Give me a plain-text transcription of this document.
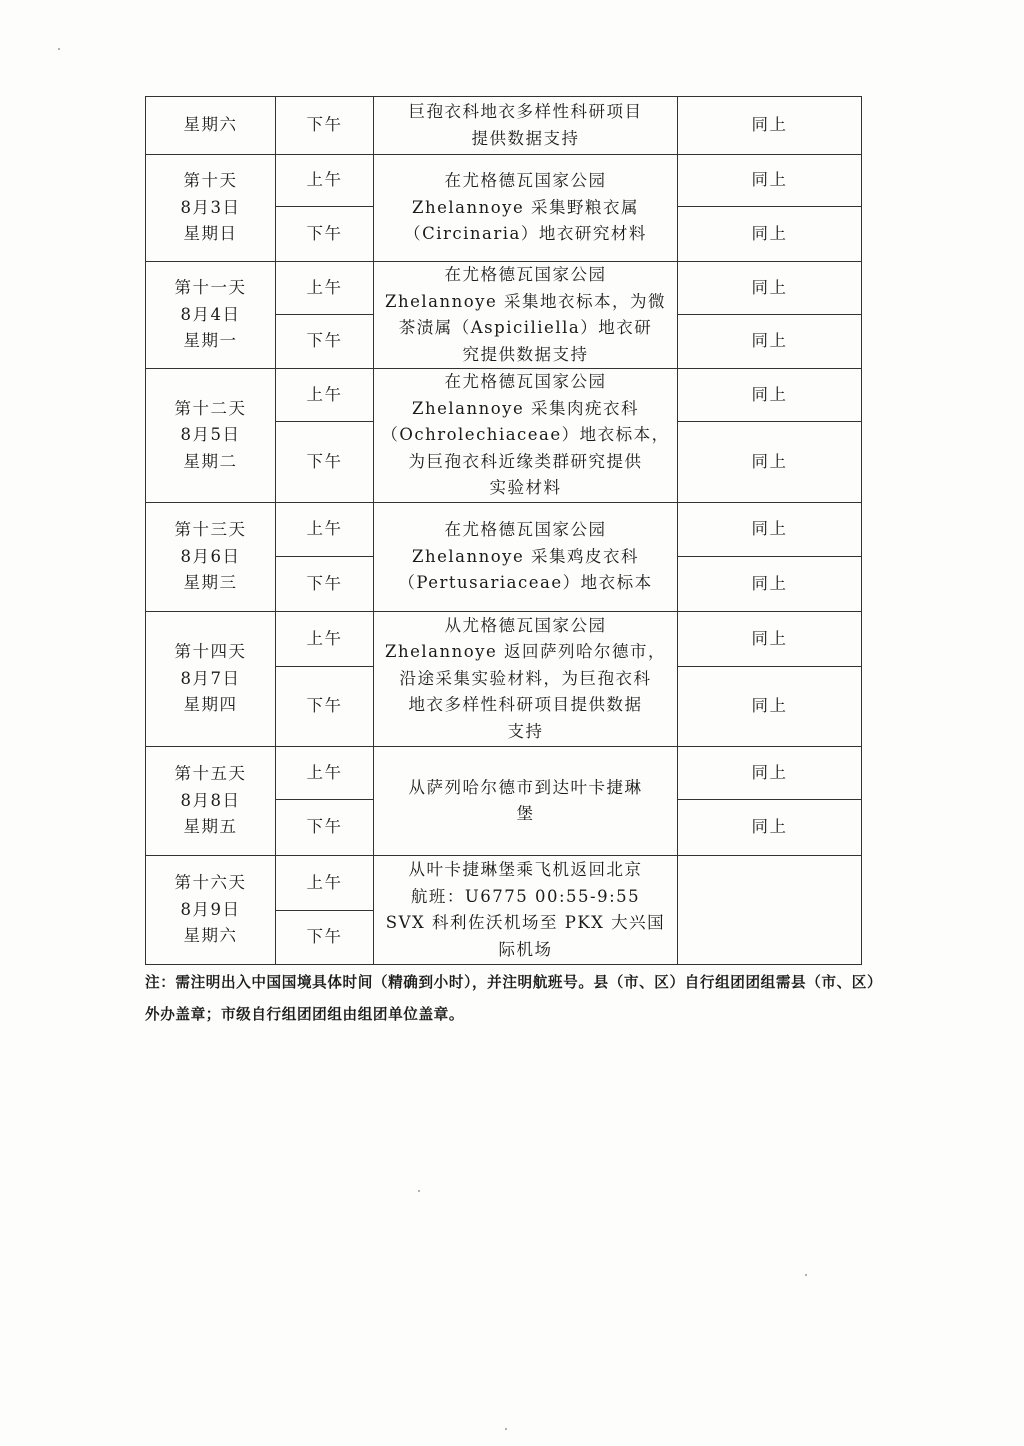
星期六	下午	巨孢衣科地衣多样性科研项目
提供数据支持	同上
第十天
8月3日
星期日	上午	在尤格德瓦国家公园
Zhelannoye 采集野粮衣属
（Circinaria）地衣研究材料	同上
	下午		同上
第十一天
8月4日
星期一	上午	在尤格德瓦国家公园
Zhelannoye 采集地衣标本，为微
茶渍属（Aspiciliella）地衣研
究提供数据支持	同上
	下午		同上
第十二天
8月5日
星期二	上午	在尤格德瓦国家公园
Zhelannoye 采集肉疣衣科
（Ochrolechiaceae）地衣标本，
为巨孢衣科近缘类群研究提供
实验材料	同上
	下午		同上
第十三天
8月6日
星期三	上午	在尤格德瓦国家公园
Zhelannoye 采集鸡皮衣科
（Pertusariaceae）地衣标本	同上
	下午		同上
第十四天
8月7日
星期四	上午	从尤格德瓦国家公园
Zhelannoye 返回萨列哈尔德市，
沿途采集实验材料，为巨孢衣科
地衣多样性科研项目提供数据
支持	同上
	下午		同上
第十五天
8月8日
星期五	上午	从萨列哈尔德市到达叶卡捷琳
堡	同上
	下午		同上
第十六天
8月9日
星期六	上午	从叶卡捷琳堡乘飞机返回北京
航班：U6775 00:55-9:55
SVX 科利佐沃机场至 PKX 大兴国
际机场	
	下午		
注：需注明出入中国国境具体时间（精确到小时），并注明航班号。县（市、区）自行组团团组需县（市、区）外办盖章；市级自行组团团组由组团单位盖章。
